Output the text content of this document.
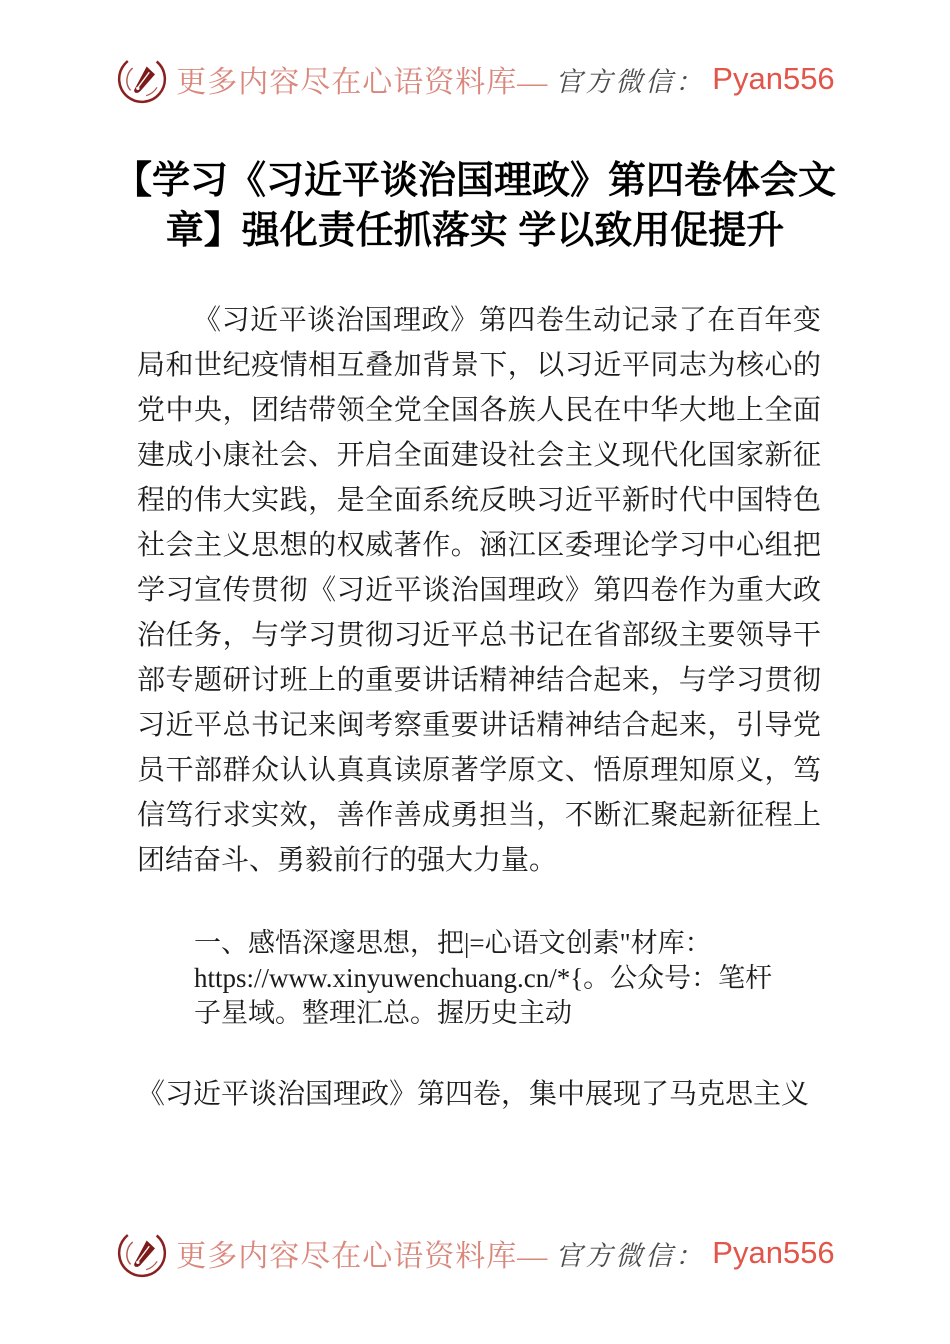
更多内容尽在心语资料库— 官方微信： Pyan556
【学习《习近平谈治国理政》第四卷体会文
章】强化责任抓落实 学以致用促提升

《习近平谈治国理政》第四卷生动记录了在百年变局和世纪疫情相互叠加背景下，以习近平同志为核心的党中央，团结带领全党全国各族人民在中华大地上全面建成小康社会、开启全面建设社会主义现代化国家新征程的伟大实践，是全面系统反映习近平新时代中国特色社会主义思想的权威著作。涵江区委理论学习中心组把学习宣传贯彻《习近平谈治国理政》第四卷作为重大政治任务，与学习贯彻习近平总书记在省部级主要领导干部专题研讨班上的重要讲话精神结合起来，与学习贯彻习近平总书记来闽考察重要讲话精神结合起来，引导党员干部群众认认真真读原著学原文、悟原理知原义，笃信笃行求实效，善作善成勇担当，不断汇聚起新征程上团结奋斗、勇毅前行的强大力量。

一、感悟深邃思想，把|=心语文创素"材库：
https://www.xinyuwenchuang.cn/*{。公众号：笔杆
子星域。整理汇总。握历史主动

《习近平谈治国理政》第四卷，集中展现了马克思主义

更多内容尽在心语资料库— 官方微信： Pyan556
